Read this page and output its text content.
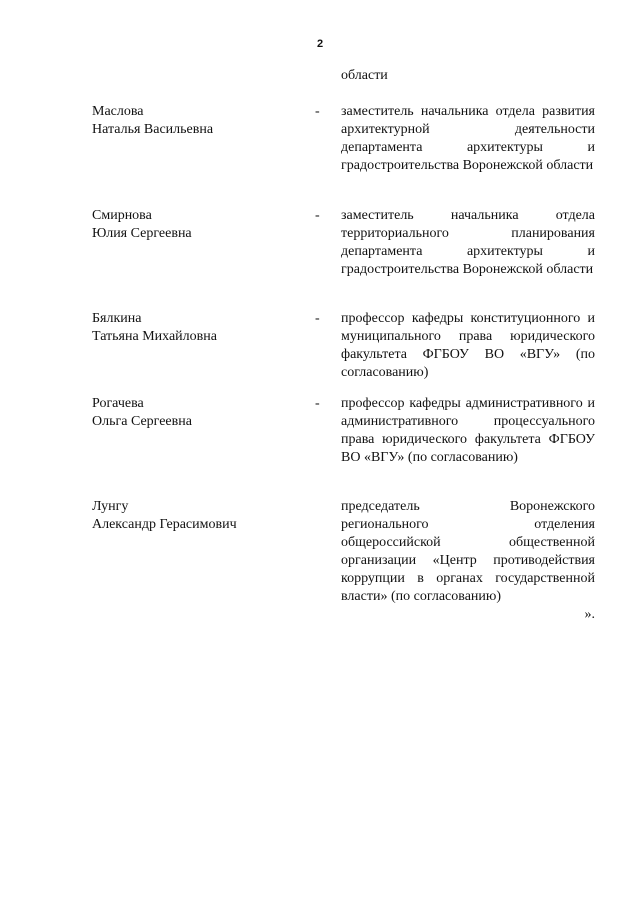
2
области
Маслова
Наталья Васильевна
- заместитель начальника отдела развития архитектурной деятельности департамента архитектуры и градостроительства Воронежской области
Смирнова
Юлия Сергеевна
- заместитель начальника отдела территориального планирования департамента архитектуры и градостроительства Воронежской области
Бялкина
Татьяна Михайловна
- профессор кафедры конституционного и муниципального права юридического факультета ФГБОУ ВО «ВГУ» (по согласованию)
Рогачева
Ольга Сергеевна
- профессор кафедры административного и административного процессуального права юридического факультета ФГБОУ ВО «ВГУ» (по согласованию)
Лунгу
Александр Герасимович
председатель Воронежского регионального отделения общероссийской общественной организации «Центр противодействия коррупции в органах государственной власти» (по согласованию)
».
